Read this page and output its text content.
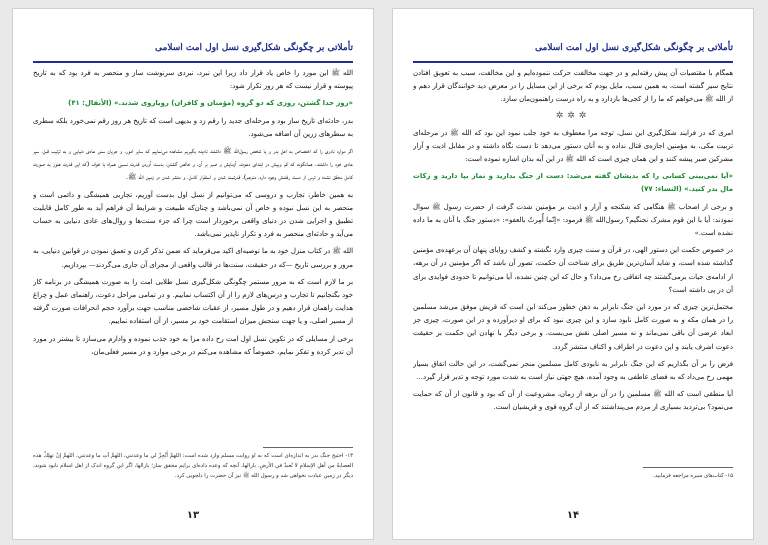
تأملاتی بر چگونگی شکل‌گیری نسل اول امت اسلامی

الله ﷺ این مورد را خاص یاد قرار داد زیرا این نبرد، نبردی سرنوشت ساز و منحصر به فرد بود که به تاریخ پیوسته و قرار نیست که هر روز تکرار شود:

«روز جدا گشتن، روزی که دو گروه (مؤمنان و کافران) رویاروی شدند.» (الأنفال: ۴۱)

بدر، حادثه‌ای تاریخ ساز بود و مرحله‌ای جدید را رقم زد و بدیهی است که تاریخ هر روز رقم نمی‌خورد بلکه سطری به سطرهای زرین آن اضافه می‌شود.

اگر موارد نادری را که اختصاص به اهل بدر و یا شخص رسول‌الله ﷺ داشتند نادیده بگیریم مشاهده می‌نماییم که سایر امور، و جریان سنن عادی دنیایی و به ترتیب قبل، سیر عادی خود را داشتند. همانگونه که کم وبیش در ابتدای دعوت، آزمایش و صبر بر آن، و خالص گشتن، بدست آوردن قدرت نسبی همراه با خوف (که این قدرت هنوز به صورت کامل محقق نشده و ترس از دست رفتنش وجود دارد، مترجم)، قدرتمند شدن و استقرار کامل، و متشر شدن در زمین الله ﷺ.

به همین خاطر، تجارب و دروسی که می‌توانیم از نسل اول بدست آوریم، تجاربی همیشگی و دائمی است و منحصر به این نسل نبوده و خاص آن نمی‌باشد و چنان‌که طبیعت و شرایط آن فراهم آید به طور کامل قابلیت تطبیق و اجرایی شدن در دنیای واقعی برخوردار است چرا که جزء سنت‌ها و روال‌های عادی دنیایی به حساب می‌آید و حادثه‌ای منحصر به فرد و تکرار ناپذیر نمی‌باشد.

الله ﷺ در کتاب منزل خود به ما توصیه‌ای اکید می‌فرماید که ضمن تذکر کردن و تعمق نمودن در قوانین دنیایی، به مرور و بررسی تاریخ —که در حقیقت، سنت‌ها در قالب واقعی از مجرای آن جاری می‌گردند— بپردازیم.

بر ما لازم است که به مرور مستمر چگونگی شکل‌گیری نسل طلایی امت را به صورت همیشگی در برنامه کار خود بگنجانیم تا تجارب و درس‌های لازم را از آن اکتساب نماییم. و در تمامی مراحل دعوت، راهنمای عمل و چراغ هدایت راهمان قرار دهیم و در طول مسیر، از عقبات شاخصی مناسب جهت برآورد حجم انحرافات صورت گرفته از مسیر اصلی، و یا جهت سنجش میزان استقامت خود بر مسیر، از آن استفاده نماییم.

برخی از مسایلی که در تکوین نسل اول امت رخ داده مرا به خود جذب نموده و وادارم می‌سازد تا بیشتر در مورد آن تدبر کرده و تفکر نمایم، خصوصاً که مشاهده می‌کنم در برخی موارد و در مسیر فعلی‌مان،

۱۳- احتیج جنگ بدر به اندازه‌ای است که به او روایت مسلم وارد شده است: اللهمَّ أَنْجِزْ لي ما وعدتني، اللهمَّ آتِ ما وعدتني، اللهمَّ إنْ تهلِكْ هذه العصابةُ من أهلِ الإسلامِ لا تُعبدْ في الأرضِ. بارالها، آنچه که وعده داده‌ای برایم محقق ساز؛ بارالها، اگر این گروه اندک از اهل اسلام نابود شوند، دیگر در زمین عبادت نخواهی شد و رسول الله ﷺ نیز آن حضرت را دلجویی کرد.

۱۳
تأملاتی بر چگونگی شکل‌گیری نسل اول امت اسلامی

همگام با مقتضیات آن پیش رفته‌ایم و در جهت مخالفت حرکت ننموده‌ایم و این مخالفت، سبب به تعویق افتادن نتایج سیر گشته است، به همین سبب، مایل بودم که برخی از این مسایل را در معرض دید خوانندگان قرار دهم و از الله ﷺ می‌خواهم که ما را از کجی‌ها بازدارد و به راه درست راهنمون‌مان سازد.

✲✲✲

امری که در فرایند شکل‌گیری این نسل، توجه مرا معطوف به خود جلب نمود این بود که الله ﷺ در مرحله‌ای تربیت مکی، به مؤمنین اجازه‌ی قتال نداده و به آنان دستور می‌دهد تا دست نگاه داشته و در مقابل اذیت و آزار مشرکین صبر پیشه کنند و این همان چیزی است که الله ﷺ در این آیه بدان اشاره نموده است:

«آیا نمی‌بینی کسانی را که بدیشان گفته می‌شد: دست از جنگ بدارید و نماز بپا دارید و زکات مال بدر کنید.» (النساء: ۷۷)

و برخی از اصحاب ﷺ هنگامی که شکنجه و آزار و اذیت بر مؤمنین شدت گرفت از حضرت رسول ﷺ سوال نمودند: آیا با این قوم مشرک نجنگیم؟ رسول‌الله ﷺ فرمود: «إنّما أُمِرتُ بالعفو»: «دستور جنگ با آنان به ما داده نشده است.»

در خصوص حکمت این دستور الهی، در قرآن و سنت چیزی وارد نگشته و کشف زوایای پنهان آن برعهده‌ی مؤمنین گذاشته شده است، و شاید آسان‌ترین طریق برای شناخت آن حکمت، تصور آن باشد که اگر مؤمنین در آن برهه، از ادامه‌ی حیات برمی‌گشتند چه اتفاقی رخ می‌داد؟ و حال که این چنین نشده، آیا می‌توانیم تا حدودی فوایدی برای آن در پی داشته است؟

مختمل‌ترین چیزی که در مورد این جنگ نابرابر به ذهن خطور می‌کند این است که قریش موفق می‌شد مسلمین را در همان مکه و به صورت کامل نابود سازد و این چیزی نبود که برای او دیرآورده و در این صورت، چیزی جز ابعاد عرضی آن باقی نمی‌ماند و نه مسیر اصلی نقش می‌بست. و برخی دیگر با نهادن این حکمت بر حقیقت دعوت اشرف یابند و این دعوت در اطراف و اکناف منتشر گردد.

فرض را بر آن بگذاریم که این جنگ نابرابر به نابودی کامل مسلمین منجر نمی‌گشت، در این حالت اتفاق بسیار مهمی رخ می‌داد که به فضای عاطفی به وجود آمده، هیچ جهتی نیاز است به شدت مورد توجه و تدبر قرار گیرد...

آیا منطقی است که الله ﷺ مسلمین را در آن برهه از زمان، مشروعیت از آن که بود و قانون از آن که حمایت می‌نمود؟ بی‌تردید بسیاری از مردم می‌پنداشتند که از آن گروه قوی و قریشیان است.

۱۵- کتاب‌های سیره مراجعه فرمایید.

۱۴
